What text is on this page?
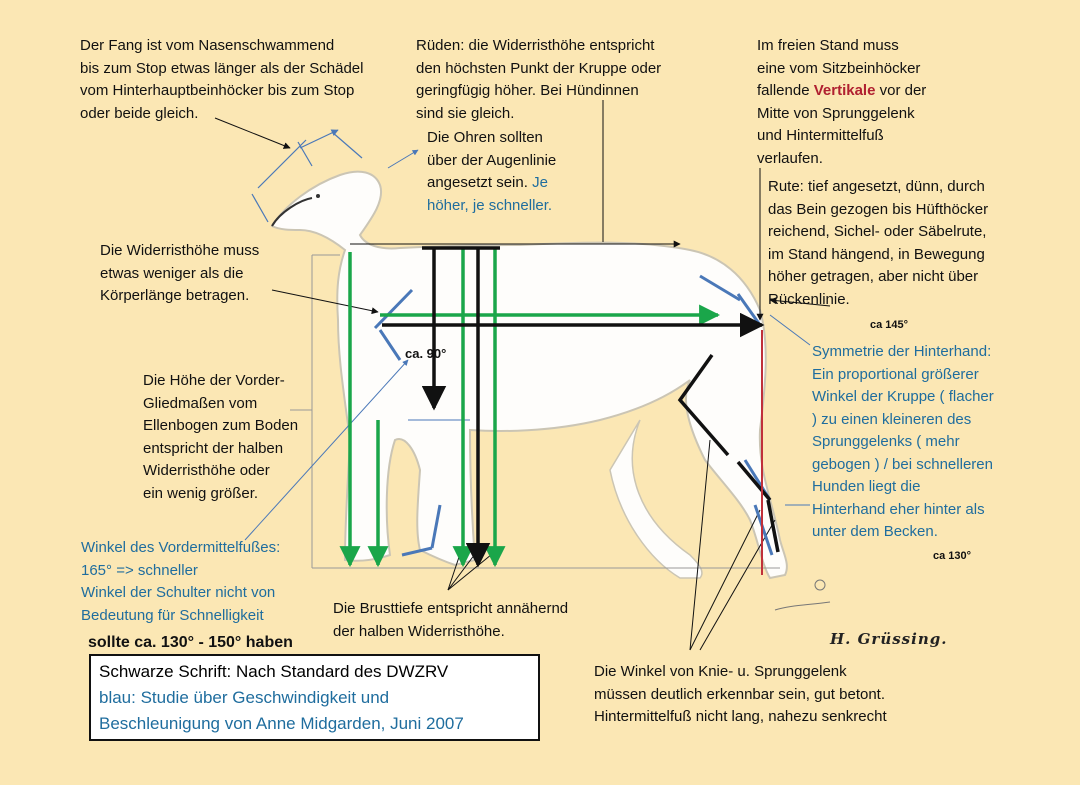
Der Fang ist vom Nasenschwammend
bis zum Stop etwas länger als der Schädel
vom Hinterhauptbeinhöcker bis zum Stop
oder beide gleich.

Rüden: die Widerristhöhe entspricht
den höchsten Punkt der Kruppe oder
geringfügig höher. Bei Hündinnen
sind sie gleich.

Die Ohren sollten
über der Augenlinie
angesetzt sein. Je
höher, je schneller.

Im freien Stand muss
eine vom Sitzbeinhöcker
fallende Vertikale vor der
Mitte von Sprunggelenk
und Hintermittelfuß
verlaufen.

Rute: tief angesetzt, dünn, durch
das Bein gezogen bis Hüfthöcker
reichend, Sichel- oder Säbelrute,
im Stand hängend, in Bewegung
höher getragen, aber nicht über
Rückenlinie.

Die Widerristhöhe muss
etwas weniger als die
Körperlänge betragen.

Die Höhe der Vorder-
Gliedmaßen vom
Ellenbogen zum Boden
entspricht der halben
Widerristhöhe oder
ein wenig größer.

Symmetrie der Hinterhand:
Ein proportional größerer
Winkel der Kruppe ( flacher
) zu einen kleineren des
Sprunggelenks ( mehr
gebogen ) / bei schnelleren
Hunden liegt die
Hinterhand eher hinter als
unter dem Becken.

Winkel des Vordermittelfußes:
165° => schneller
Winkel der Schulter nicht von
Bedeutung für Schnelligkeit

sollte ca. 130° - 150° haben

Die Brusttiefe entspricht annähernd
der halben Widerristhöhe.

Die Winkel von Knie- u. Sprunggelenk
müssen deutlich erkennbar sein, gut betont.
Hintermittelfuß nicht lang, nahezu senkrecht

ca 145°

ca 130°

ca. 90°

Schwarze Schrift: Nach Standard des DWZRV
blau: Studie über Geschwindigkeit und
Beschleunigung von Anne Midgarden, Juni 2007
H. Grüssing.
